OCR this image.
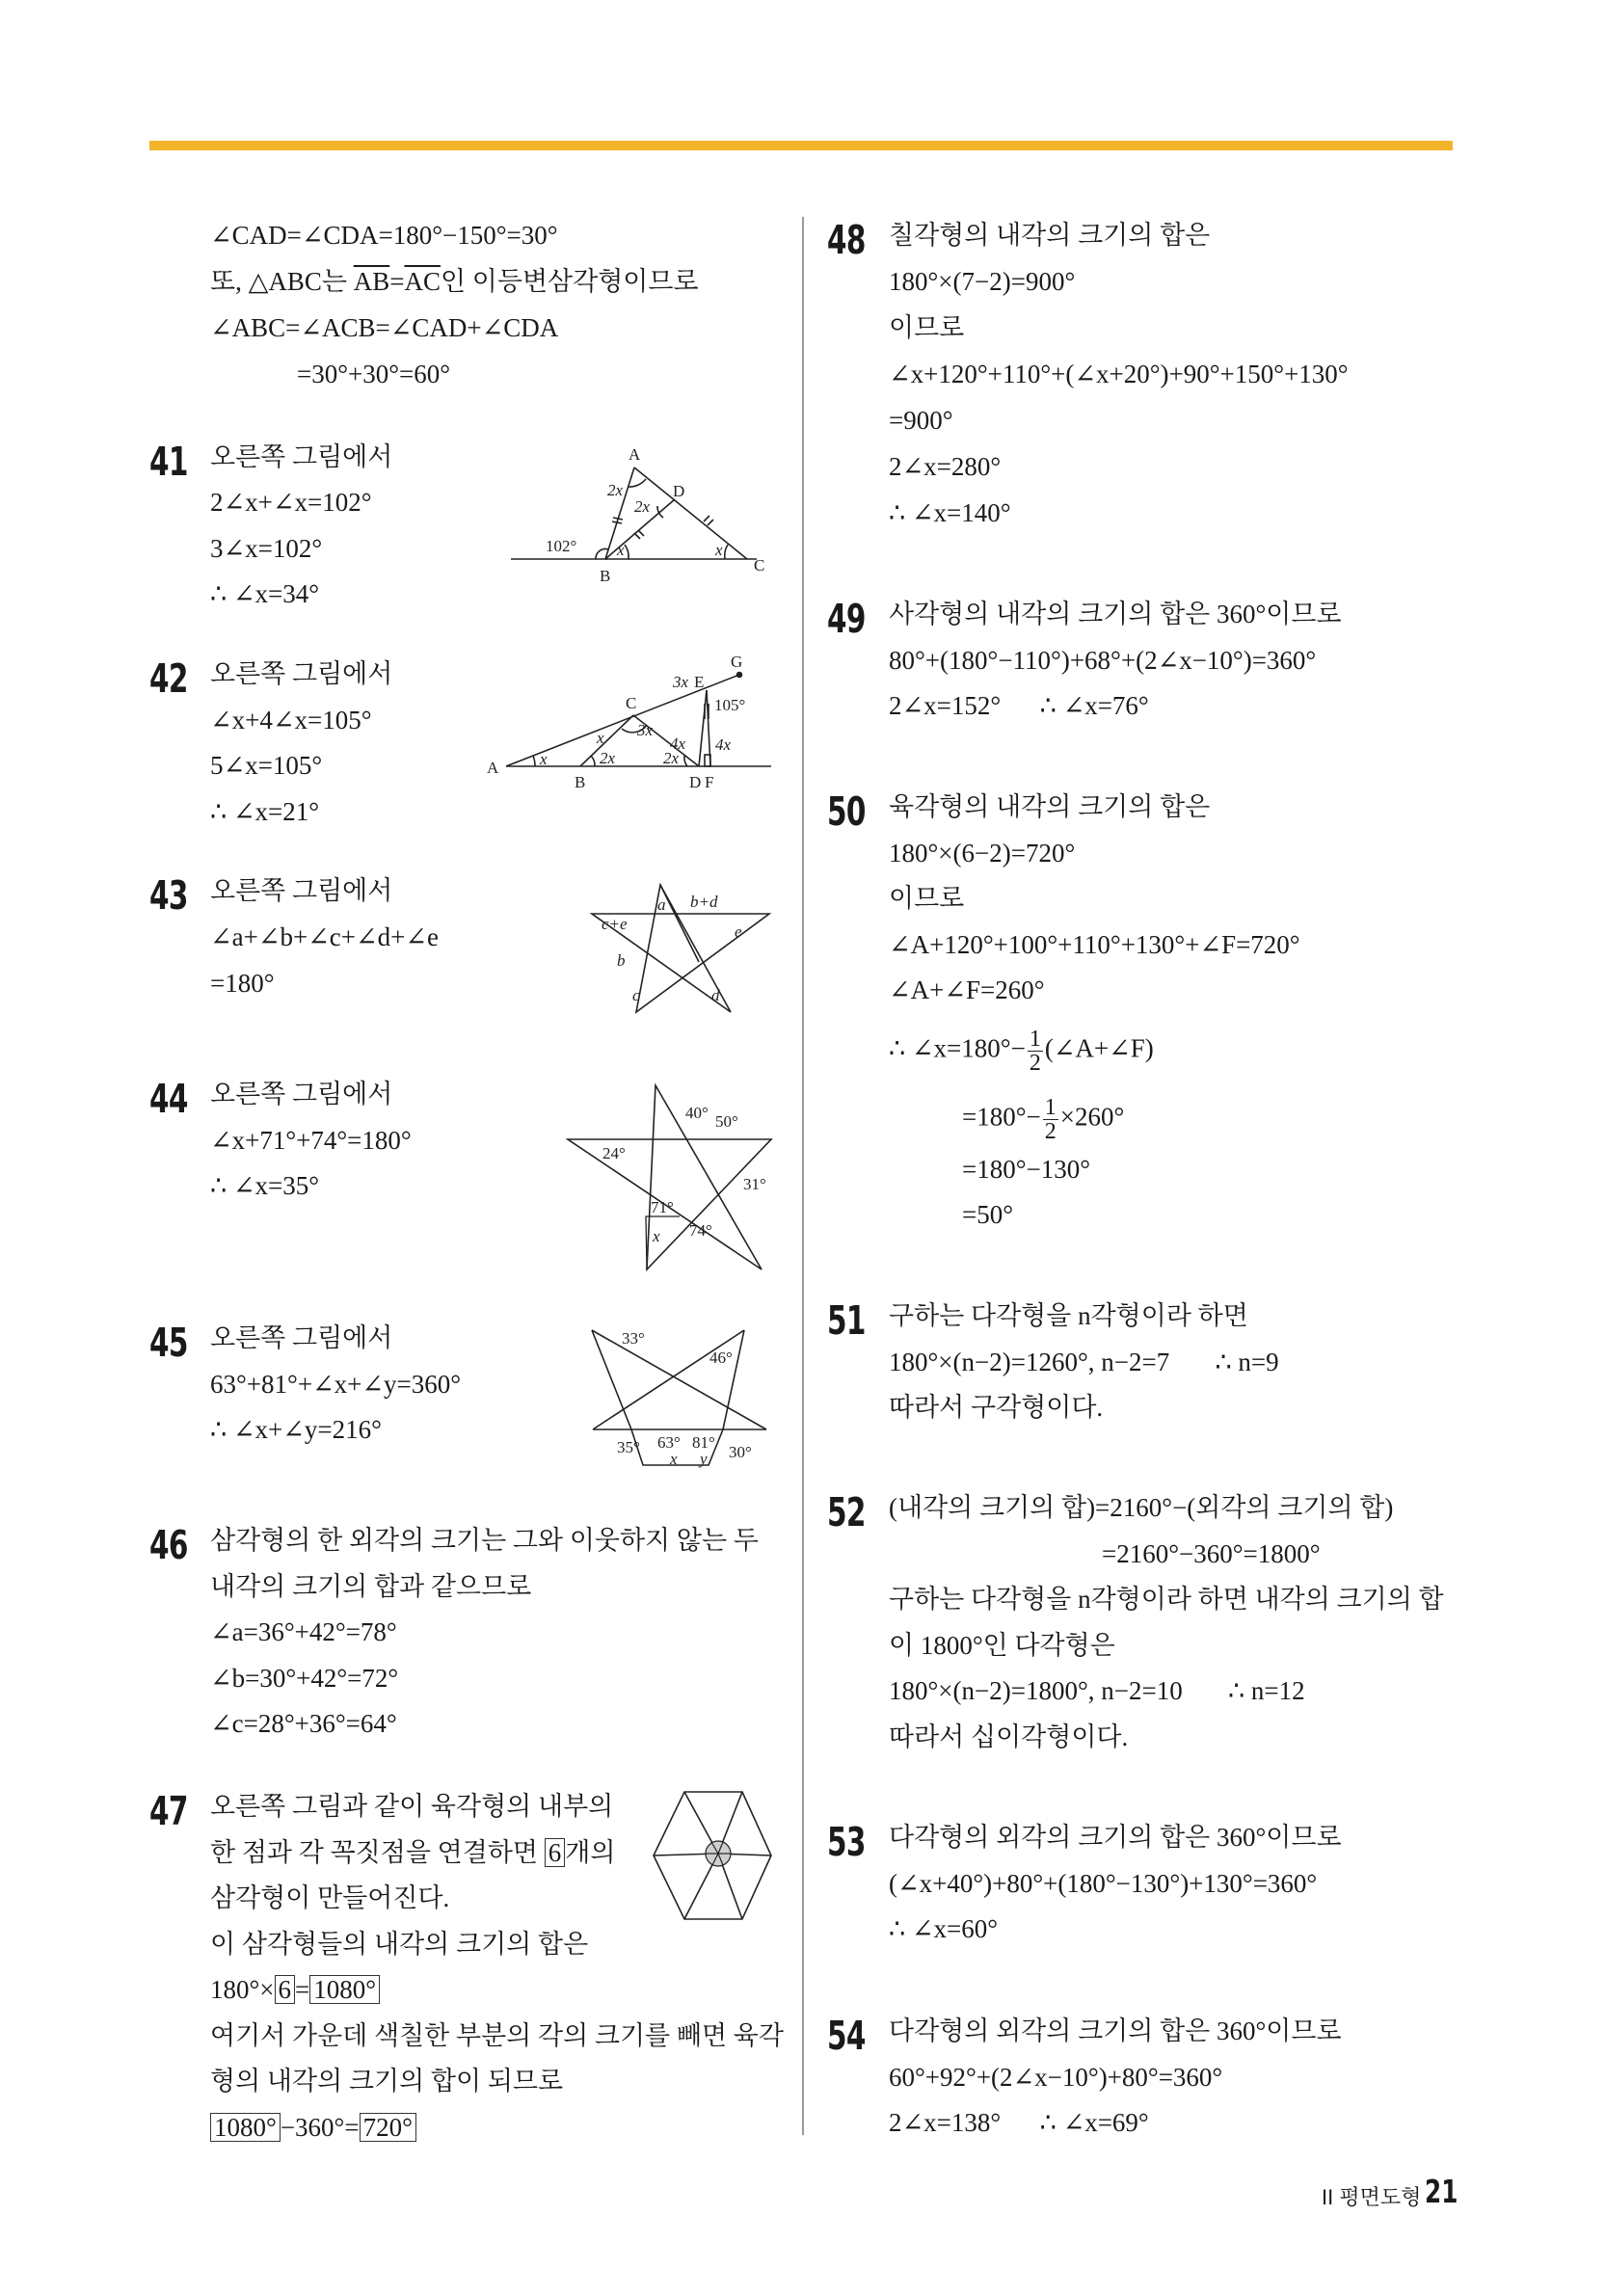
∠CAD=∠CDA=180°−150°=30°
또, △ABC는 $\overline{AB}=\overline{AC}$인 이등변삼각형이므로
∠ABC=∠ACB=∠CAD+∠CDA
=30°+30°=60°
41 오른쪽 그림에서
2∠x+∠x=102°
3∠x=102°
∴ ∠x=34°
A
B
C
D
2x
2x
102° x	x
42 오른쪽 그림에서
∠x+4∠x=105°
5∠x=105°
∴ ∠x=21°
A
B
C
D F
E
G
105°
x
x
2x	2x
3x
3x
4x 4x
43 오른쪽 그림에서
∠a+∠b+∠c+∠d+∠e
=180°
c+e
b+d
a
b
c	d
e
44 오른쪽 그림에서
∠x+71°+74°=180°
∴ ∠x=35°
40° 50°
24°
31°
71°
74°
x
45 오른쪽 그림에서
63°+81°+∠x+∠y=360°
∴ ∠x+∠y=216°
33°
46°
35° 63° 81°
30°
x y
46 삼각형의 한 외각의 크기는 그와 이웃하지 않는 두
내각의 크기의 합과 같으므로
∠a=36°+42°=78°
∠b=30°+42°=72°
∠c=28°+36°=64°
47 오른쪽 그림과 같이 육각형의 내부의
한 점과 각 꼭짓점을 연결하면 6 개의
삼각형이 만들어진다.
이 삼각형들의 내각의 크기의 합은
180°× 6 = 1080°
여기서 가운데 색칠한 부분의 각의 크기를 빼면 육각
형의 내각의 크기의 합이 되므로
1080° −360°= 720°
48 칠각형의 내각의 크기의 합은
180°×(7−2)=900°
이므로
∠x+120°+110°+(∠x+20°)+90°+150°+130°
=900°
2∠x=280°
∴ ∠x=140°
49 사각형의 내각의 크기의 합은 360°이므로
80°+(180°−110°)+68°+(2∠x−10°)=360°
2∠x=152°      ∴ ∠x=76°
50 육각형의 내각의 크기의 합은
180°×(6−2)=720°
이므로
∠A+120°+100°+110°+130°+∠F=720°
∠A+∠F=260°
∴ ∠x=180°− $\frac{1}{2}$ (∠A+∠F)
$=180^\circ- \frac{1}{2} \times 260^\circ$
=180°−130°
=50°
51 구하는 다각형을 n각형이라 하면
180°×(n−2)=1260°, n−2=7       ∴ n=9
따라서 구각형이다.
52 (내각의 크기의 합)=2160°−(외각의 크기의 합)
=2160°−360°=1800°
구하는 다각형을 n각형이라 하면 내각의 크기의 합
이 1800°인 다각형은
180°×(n−2)=1800°, n−2=10       ∴ n=12
따라서 십이각형이다.
53 다각형의 외각의 크기의 합은 360°이므로
(∠x+40°)+80°+(180°−130°)+130°=360°
∴ ∠x=60°
54 다각형의 외각의 크기의 합은 360°이므로
60°+92°+(2∠x−10°)+80°=360°
2∠x=138°      ∴ ∠x=69°
II 평면도형 21
